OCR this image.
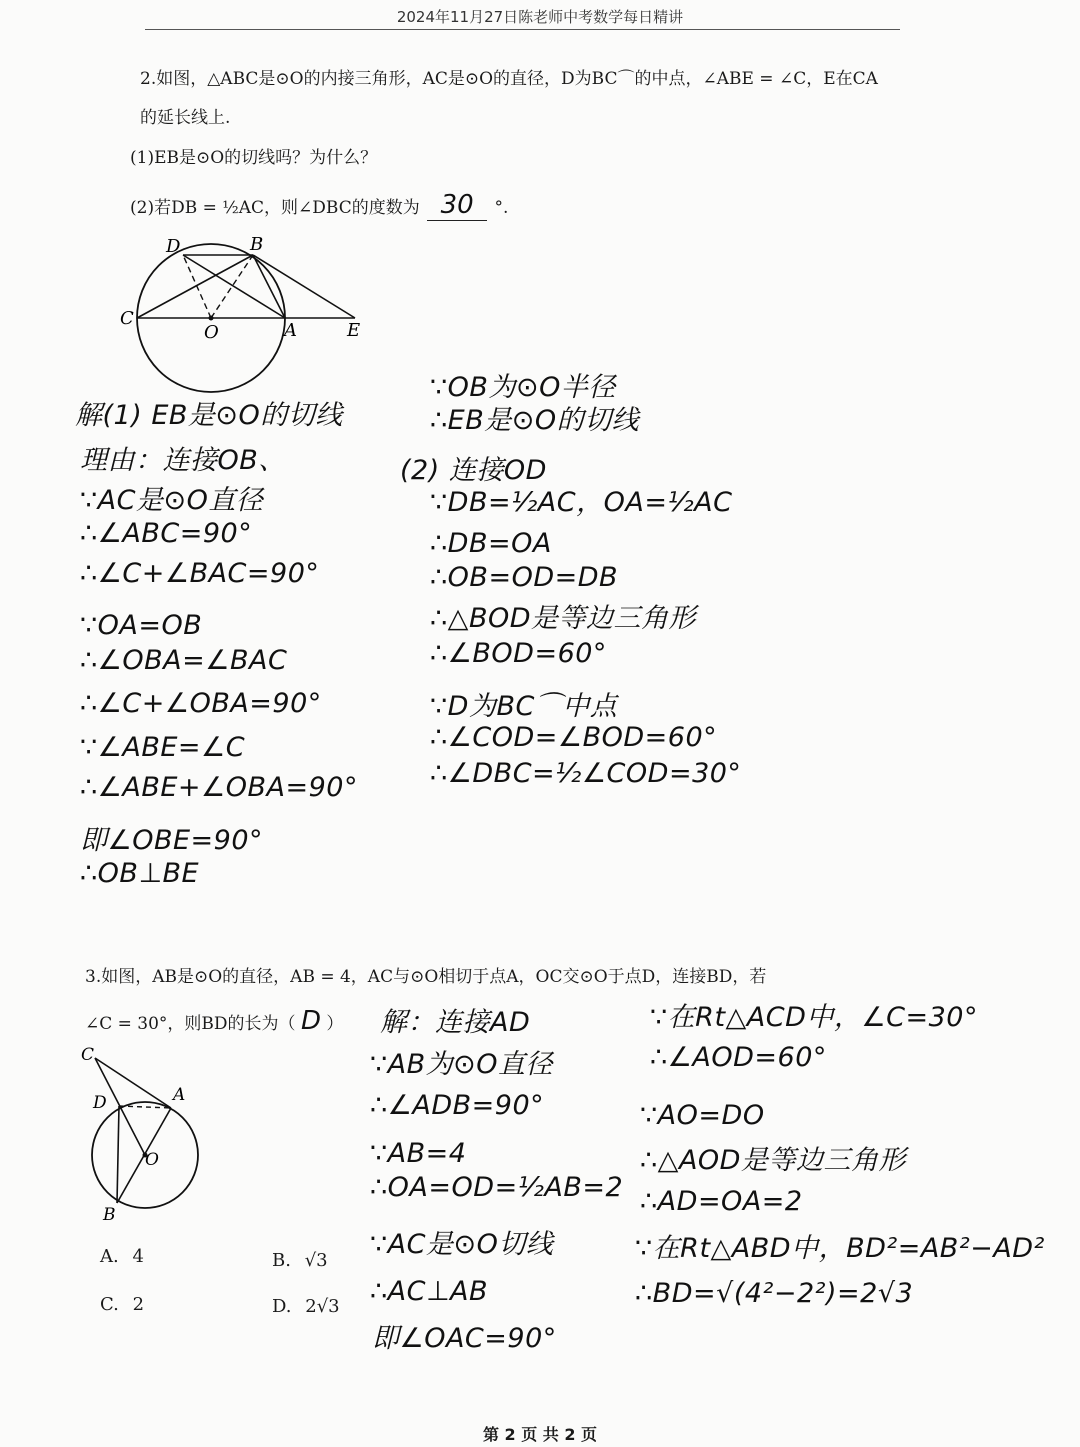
2024年11月27日陈老师中考数学每日精讲
2.如图，△ABC是⊙O的内接三角形，AC是⊙O的直径，D为BC⌒的中点，∠ABE = ∠C，E在CA
的延长线上.
(1)EB是⊙O的切线吗？为什么？
(2)若DB = ½AC，则∠DBC的度数为 30 °.
D	B
C
O	A	E
解(1) EB是⊙O的切线
理由：连接OB、
∵AC是⊙O直径
∴∠ABC=90°
∴∠C+∠BAC=90°
∵OA=OB
∴∠OBA=∠BAC
∴∠C+∠OBA=90°
∵∠ABE=∠C
∴∠ABE+∠OBA=90°
即∠OBE=90°
∴OB⊥BE
∵OB为⊙O半径
∴EB是⊙O的切线
(2) 连接OD
∵DB=½AC，OA=½AC
∴DB=OA
∴OB=OD=DB
∴△BOD是等边三角形
∴∠BOD=60°
∵D为BC⌒中点
∴∠COD=∠BOD=60°
∴∠DBC=½∠COD=30°
3.如图，AB是⊙O的直径，AB = 4，AC与⊙O相切于点A，OC交⊙O于点D，连接BD，若
∠C = 30°，则BD的长为（ D ）
C
D	A
O
B
A. 4	B. √3
C. 2	D. 2√3
解：连接AD
∵AB为⊙O直径
∴∠ADB=90°
∵AB=4
∴OA=OD=½AB=2
∵AC是⊙O切线
∴AC⊥AB
即∠OAC=90°
∵在Rt△ACD中，∠C=30°
∴∠AOD=60°
∵AO=DO
∴△AOD是等边三角形
∴AD=OA=2
∵在Rt△ABD中，BD²=AB²−AD²
∴BD=√(4²−2²)=2√3
第 2 页 共 2 页
